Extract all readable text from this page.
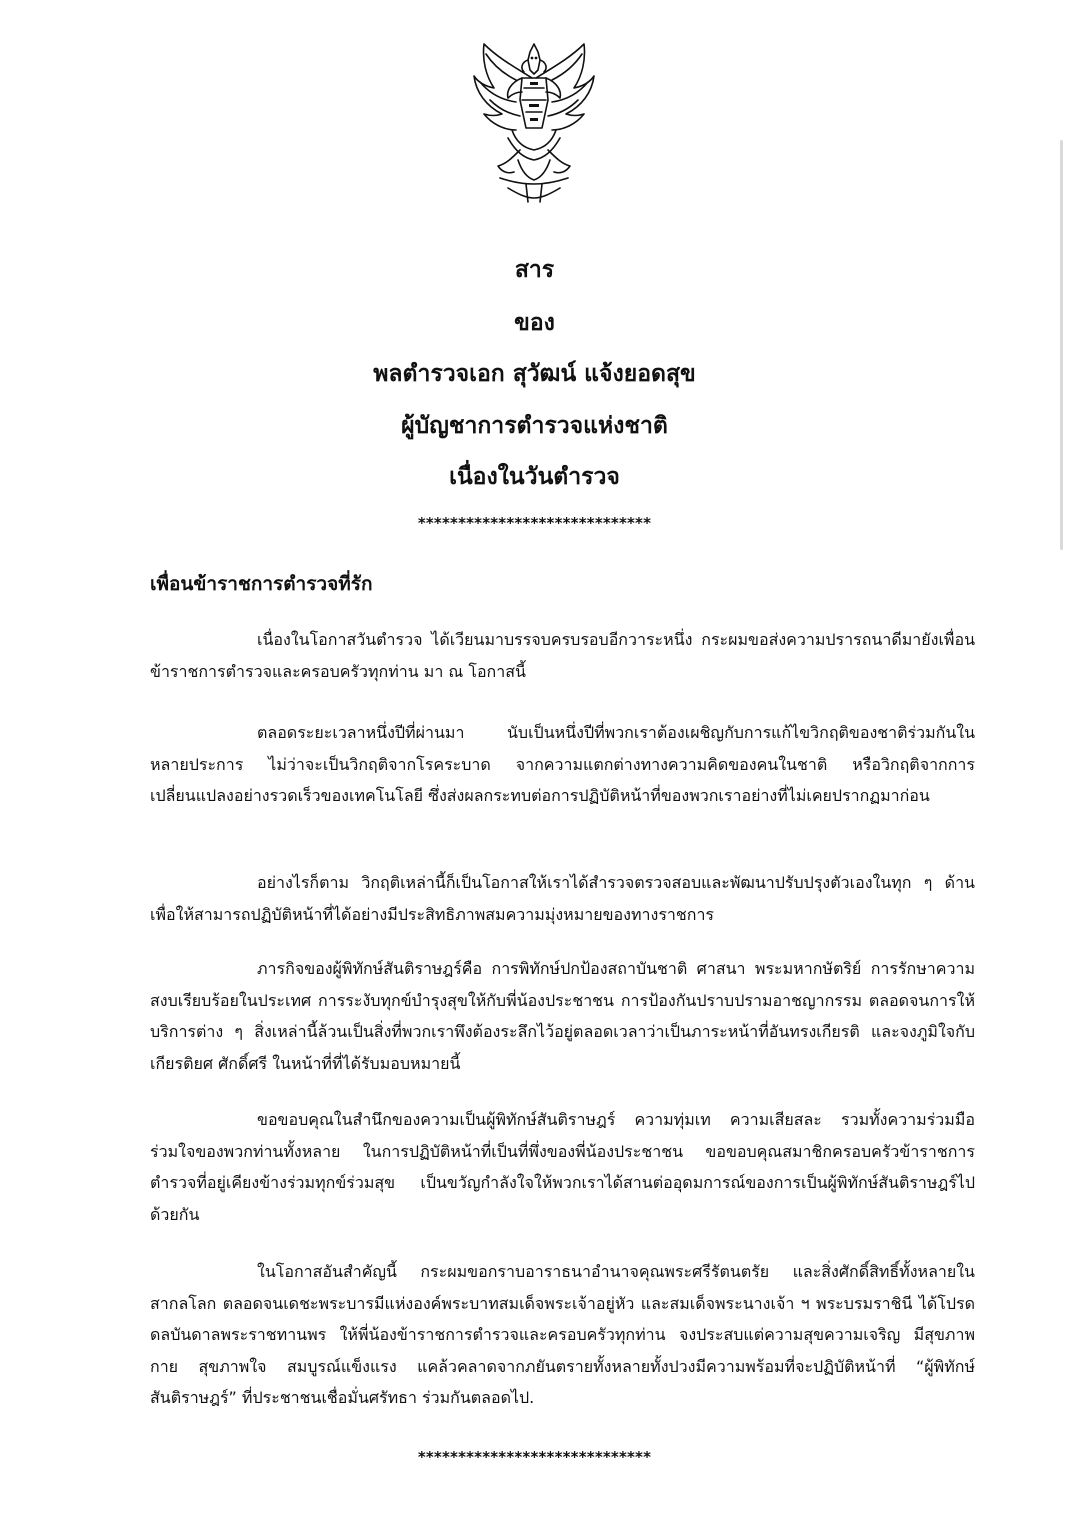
สาร
ของ
พลตำรวจเอก สุวัฒน์ แจ้งยอดสุข
ผู้บัญชาการตำรวจแห่งชาติ
เนื่องในวันตำรวจ
*****************************
เพื่อนข้าราชการตำรวจที่รัก

เนื่องในโอกาสวันตำรวจ ได้เวียนมาบรรจบครบรอบอีกวาระหนึ่ง กระผมขอส่งความปรารถนาดีมายังเพื่อนข้าราชการตำรวจและครอบครัวทุกท่าน มา ณ โอกาสนี้

ตลอดระยะเวลาหนึ่งปีที่ผ่านมา นับเป็นหนึ่งปีที่พวกเราต้องเผชิญกับการแก้ไขวิกฤติของชาติร่วมกันในหลายประการ ไม่ว่าจะเป็นวิกฤติจากโรคระบาด จากความแตกต่างทางความคิดของคนในชาติ หรือวิกฤติจากการเปลี่ยนแปลงอย่างรวดเร็วของเทคโนโลยี ซึ่งส่งผลกระทบต่อการปฏิบัติหน้าที่ของพวกเราอย่างที่ไม่เคยปรากฏมาก่อน

อย่างไรก็ตาม วิกฤติเหล่านี้ก็เป็นโอกาสให้เราได้สำรวจตรวจสอบและพัฒนาปรับปรุงตัวเองในทุก ๆ ด้าน เพื่อให้สามารถปฏิบัติหน้าที่ได้อย่างมีประสิทธิภาพสมความมุ่งหมายของทางราชการ

ภารกิจของผู้พิทักษ์สันติราษฎร์คือ การพิทักษ์ปกป้องสถาบันชาติ ศาสนา พระมหากษัตริย์ การรักษาความสงบเรียบร้อยในประเทศ การระงับทุกข์บำรุงสุขให้กับพี่น้องประชาชน การป้องกันปราบปรามอาชญากรรม ตลอดจนการให้บริการต่าง ๆ สิ่งเหล่านี้ล้วนเป็นสิ่งที่พวกเราพึงต้องระลึกไว้อยู่ตลอดเวลาว่าเป็นภาระหน้าที่อันทรงเกียรติ และจงภูมิใจกับเกียรติยศ ศักดิ์ศรี ในหน้าที่ที่ได้รับมอบหมายนี้

ขอขอบคุณในสำนึกของความเป็นผู้พิทักษ์สันติราษฎร์ ความทุ่มเท ความเสียสละ รวมทั้งความร่วมมือร่วมใจของพวกท่านทั้งหลาย ในการปฏิบัติหน้าที่เป็นที่พึ่งของพี่น้องประชาชน ขอขอบคุณสมาชิกครอบครัวข้าราชการตำรวจที่อยู่เคียงข้างร่วมทุกข์ร่วมสุข เป็นขวัญกำลังใจให้พวกเราได้สานต่ออุดมการณ์ของการเป็นผู้พิทักษ์สันติราษฎร์ไปด้วยกัน

ในโอกาสอันสำคัญนี้ กระผมขอกราบอาราธนาอำนาจคุณพระศรีรัตนตรัย และสิ่งศักดิ์สิทธิ์ทั้งหลายในสากลโลก ตลอดจนเดชะพระบารมีแห่งองค์พระบาทสมเด็จพระเจ้าอยู่หัว และสมเด็จพระนางเจ้า ฯ พระบรมราชินี ได้โปรดดลบันดาลพระราชทานพร ให้พี่น้องข้าราชการตำรวจและครอบครัวทุกท่าน จงประสบแต่ความสุขความเจริญ มีสุขภาพกาย สุขภาพใจ สมบูรณ์แข็งแรง แคล้วคลาดจากภยันตรายทั้งหลายทั้งปวงมีความพร้อมที่จะปฏิบัติหน้าที่ “ผู้พิทักษ์สันติราษฎร์” ที่ประชาชนเชื่อมั่นศรัทธา ร่วมกันตลอดไป.

*****************************
